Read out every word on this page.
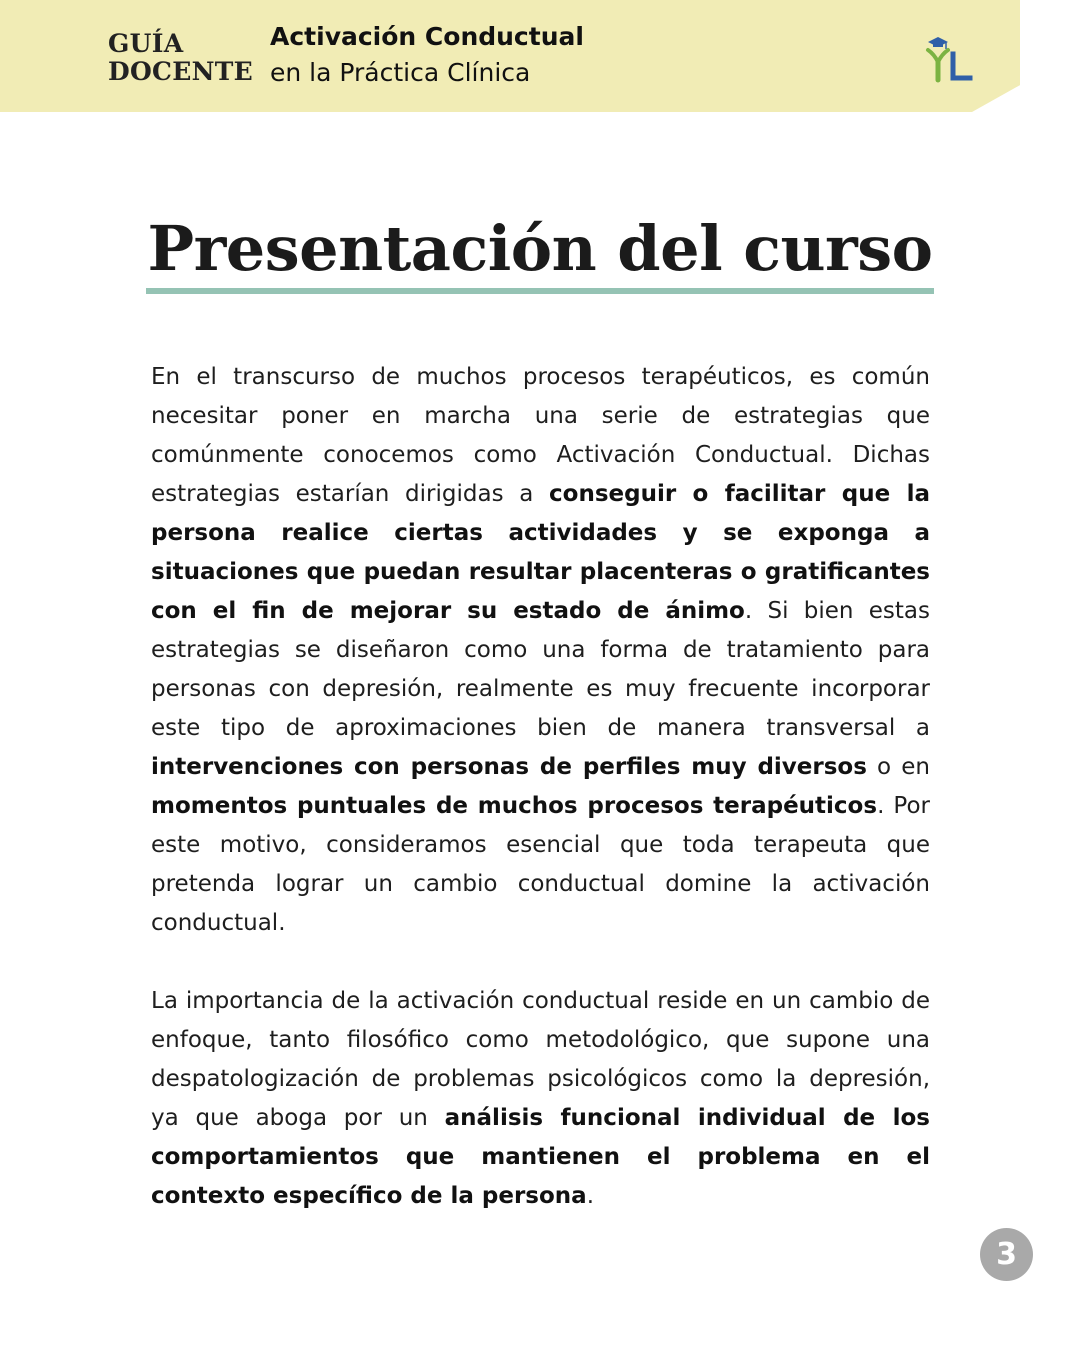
GUÍA
DOCENTE
Activación Conductual
en la Práctica Clínica
Presentación del curso

En el transcurso de muchos procesos terapéuticos, es común necesitar poner en marcha una serie de estrategias que comúnmente conocemos como Activación Conductual. Dichas estrategias estarían dirigidas a conseguir o facilitar que la persona realice ciertas actividades y se exponga a situaciones que puedan resultar placenteras o gratificantes con el fin de mejorar su estado de ánimo. Si bien estas estrategias se diseñaron como una forma de tratamiento para personas con depresión, realmente es muy frecuente incorporar este tipo de aproximaciones bien de manera transversal a intervenciones con personas de perfiles muy diversos o en momentos puntuales de muchos procesos terapéuticos. Por este motivo, consideramos esencial que toda terapeuta que pretenda lograr un cambio conductual domine la activación conductual.

La importancia de la activación conductual reside en un cambio de enfoque, tanto filosófico como metodológico, que supone una despatologización de problemas psicológicos como la depresión, ya que aboga por un análisis funcional individual de los comportamientos que mantienen el problema en el contexto específico de la persona.

3
